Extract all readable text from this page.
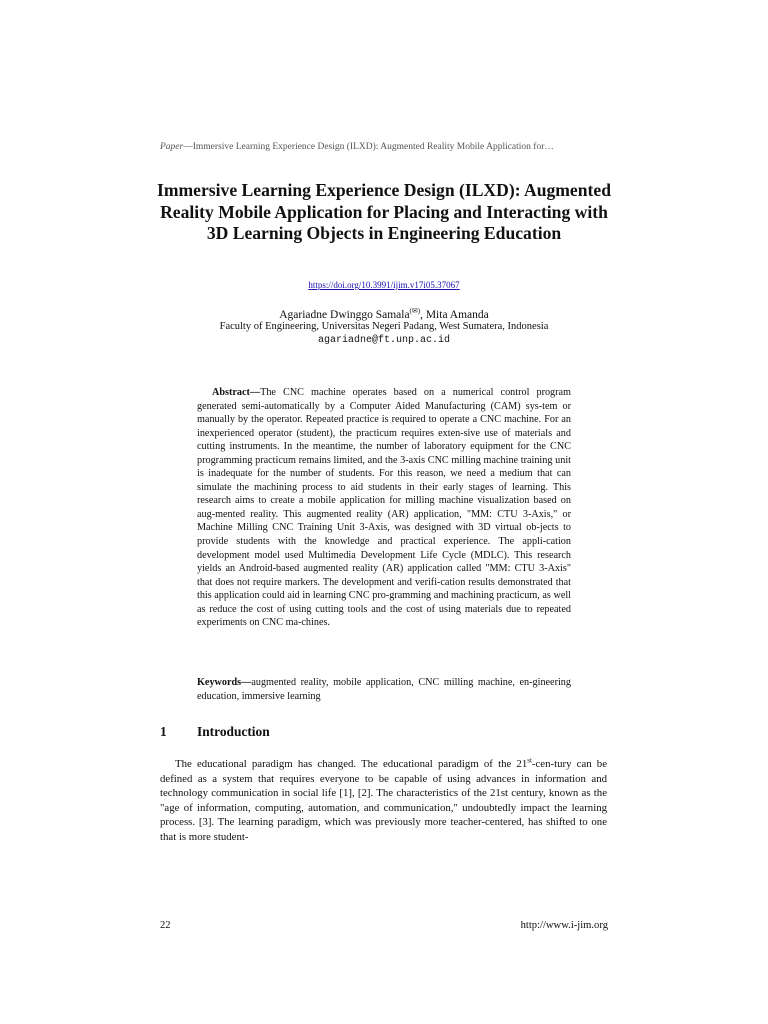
Paper—Immersive Learning Experience Design (ILXD): Augmented Reality Mobile Application for…
Immersive Learning Experience Design (ILXD): Augmented Reality Mobile Application for Placing and Interacting with 3D Learning Objects in Engineering Education
https://doi.org/10.3991/ijim.v17i05.37067
Agariadne Dwinggo Samala(✉), Mita Amanda
Faculty of Engineering, Universitas Negeri Padang, West Sumatera, Indonesia
agariadne@ft.unp.ac.id
Abstract—The CNC machine operates based on a numerical control program generated semi-automatically by a Computer Aided Manufacturing (CAM) sys-tem or manually by the operator. Repeated practice is required to operate a CNC machine. For an inexperienced operator (student), the practicum requires exten-sive use of materials and cutting instruments. In the meantime, the number of laboratory equipment for the CNC programming practicum remains limited, and the 3-axis CNC milling machine training unit is inadequate for the number of students. For this reason, we need a medium that can simulate the machining process to aid students in their early stages of learning. This research aims to create a mobile application for milling machine visualization based on aug-mented reality. This augmented reality (AR) application, "MM: CTU 3-Axis," or Machine Milling CNC Training Unit 3-Axis, was designed with 3D virtual ob-jects to provide students with the knowledge and practical experience. The appli-cation development model used Multimedia Development Life Cycle (MDLC). This research yields an Android-based augmented reality (AR) application called "MM: CTU 3-Axis" that does not require markers. The development and verifi-cation results demonstrated that this application could aid in learning CNC pro-gramming and machining practicum, as well as reduce the cost of using cutting tools and the cost of using materials due to repeated experiments on CNC ma-chines.
Keywords—augmented reality, mobile application, CNC milling machine, en-gineering education, immersive learning
1 Introduction
The educational paradigm has changed. The educational paradigm of the 21st-cen-tury can be defined as a system that requires everyone to be capable of using advances in information and technology communication in social life [1], [2]. The characteristics of the 21st century, known as the "age of information, computing, automation, and communication," undoubtedly impact the learning process. [3]. The learning paradigm, which was previously more teacher-centered, has shifted to one that is more student-
22	http://www.i-jim.org
